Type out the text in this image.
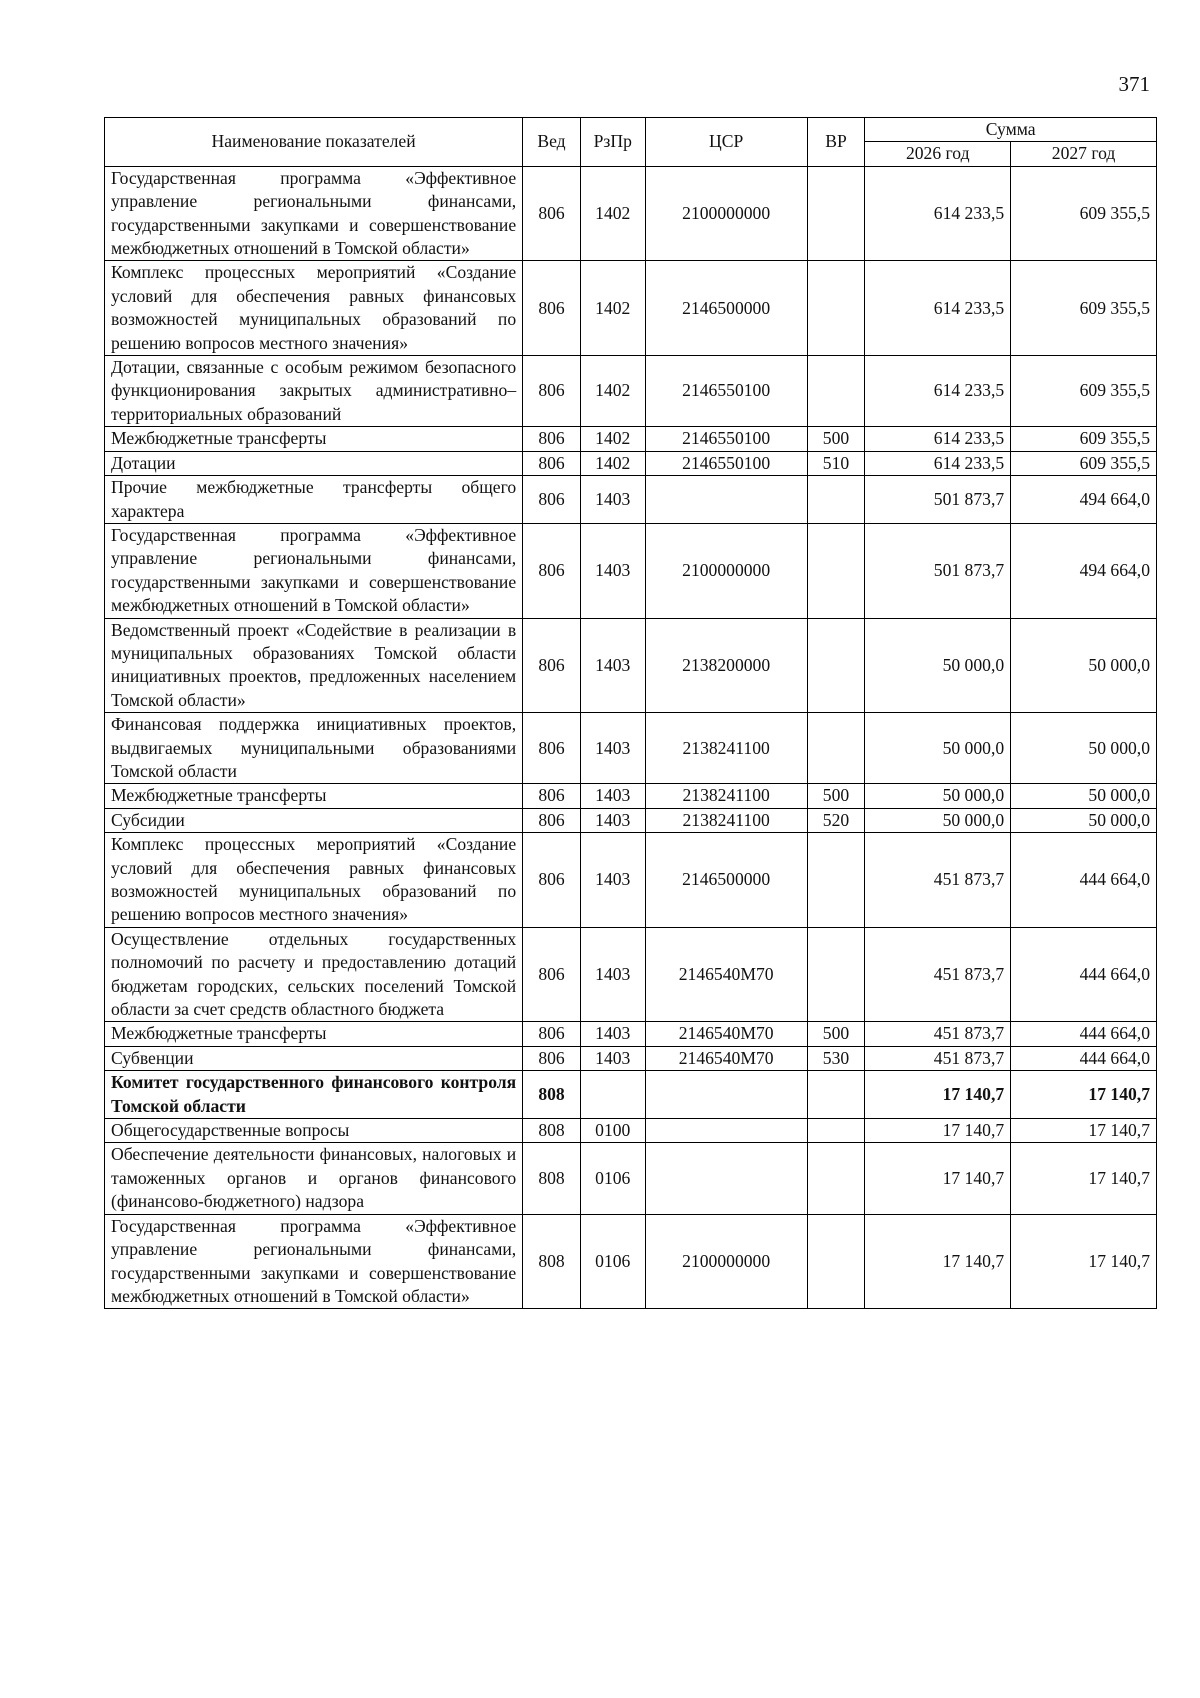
371
Наименование показателей	Вед	РзПр	ЦСР	ВР	Сумма	
					2026 год	2027 год
Государственная программа «Эффективное управление региональными финансами, государственными закупками и совершенствование межбюджетных отношений в Томской области»	806	1402	2100000000		614 233,5	609 355,5
Комплекс процессных мероприятий «Создание условий для обеспечения равных финансовых возможностей муниципальных образований по решению вопросов местного значения»	806	1402	2146500000		614 233,5	609 355,5
Дотации, связанные с особым режимом безопасного функционирования закрытых административно–территориальных образований	806	1402	2146550100		614 233,5	609 355,5
Межбюджетные трансферты	806	1402	2146550100	500	614 233,5	609 355,5
Дотации	806	1402	2146550100	510	614 233,5	609 355,5
Прочие межбюджетные трансферты общего характера	806	1403			501 873,7	494 664,0
Государственная программа «Эффективное управление региональными финансами, государственными закупками и совершенствование межбюджетных отношений в Томской области»	806	1403	2100000000		501 873,7	494 664,0
Ведомственный проект «Содействие в реализации в муниципальных образованиях Томской области инициативных проектов, предложенных населением Томской области»	806	1403	2138200000		50 000,0	50 000,0
Финансовая поддержка инициативных проектов, выдвигаемых муниципальными образованиями Томской области	806	1403	2138241100		50 000,0	50 000,0
Межбюджетные трансферты	806	1403	2138241100	500	50 000,0	50 000,0
Субсидии	806	1403	2138241100	520	50 000,0	50 000,0
Комплекс процессных мероприятий «Создание условий для обеспечения равных финансовых возможностей муниципальных образований по решению вопросов местного значения»	806	1403	2146500000		451 873,7	444 664,0
Осуществление отдельных государственных полномочий по расчету и предоставлению дотаций бюджетам городских, сельских поселений Томской области за счет средств областного бюджета	806	1403	2146540М70		451 873,7	444 664,0
Межбюджетные трансферты	806	1403	2146540М70	500	451 873,7	444 664,0
Субвенции	806	1403	2146540М70	530	451 873,7	444 664,0
Комитет государственного финансового контроля Томской области	808				17 140,7	17 140,7
Общегосударственные вопросы	808	0100			17 140,7	17 140,7
Обеспечение деятельности финансовых, налоговых и таможенных органов и органов финансового (финансово-бюджетного) надзора	808	0106			17 140,7	17 140,7
Государственная программа «Эффективное управление региональными финансами, государственными закупками и совершенствование межбюджетных отношений в Томской области»	808	0106	2100000000		17 140,7	17 140,7
